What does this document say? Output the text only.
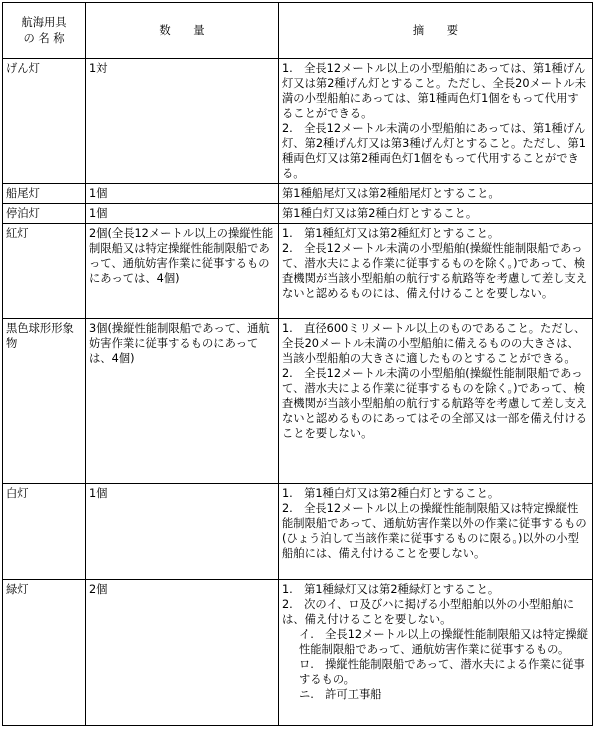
航海用具
の 名 称	数　　量	摘　　要
げん灯	1対	1.　全長12メートル以上の小型船舶にあっては、第1種げん灯又は第2種げん灯とすること。ただし、全長20メートル未満の小型船舶にあっては、第1種両色灯1個をもって代用することができる。
2.　全長12メートル未満の小型船舶にあっては、第1種げん灯、第2種げん灯又は第3種げん灯とすること。ただし、第1種両色灯又は第2種両色灯1個をもって代用することができる。

船尾灯	1個	第1種船尾灯又は第2種船尾灯とすること。

停泊灯	1個	第1種白灯又は第2種白灯とすること。

紅灯	2個(全長12メートル以上の操縦性能制限船又は特定操縦性能制限船であって、通航妨害作業に従事するものにあっては、4個)	1.　第1種紅灯又は第2種紅灯とすること。
2.　全長12メートル未満の小型船舶(操縦性能制限船であって、潜水夫による作業に従事するものを除く。)であって、検査機関が当該小型船舶の航行する航路等を考慮して差し支えないと認めるものには、備え付けることを要しない。

黒色球形形象物	3個(操縦性能制限船であって、通航妨害作業に従事するものにあっては、4個)	1.　直径600ミリメートル以上のものであること。ただし、全長20メートル未満の小型船舶に備えるものの大きさは、当該小型船舶の大きさに適したものとすることができる。
2.　全長12メートル未満の小型船舶(操縦性能制限船であって、潜水夫による作業に従事するものを除く。)であって、検査機関が当該小型船舶の航行する航路等を考慮して差し支えないと認めるものにあってはその全部又は一部を備え付けることを要しない。

白灯	1個	1.　第1種白灯又は第2種白灯とすること。
2.　全長12メートル以上の操縦性能制限船又は特定操縦性能制限船であって、通航妨害作業以外の作業に従事するもの(ひょう泊して当該作業に従事するものに限る。)以外の小型船舶には、備え付けることを要しない。

緑灯	2個	1.　第1種緑灯又は第2種緑灯とすること。
2.　次のイ、ロ及びハに掲げる小型船舶以外の小型船舶には、備え付けることを要しない。
イ.　全長12メートル以上の操縦性能制限船又は特定操縦性能制限船であって、通航妨害作業に従事するもの。
ロ.　操縦性能制限船であって、潜水夫による作業に従事するもの。
ニ.　許可工事船
